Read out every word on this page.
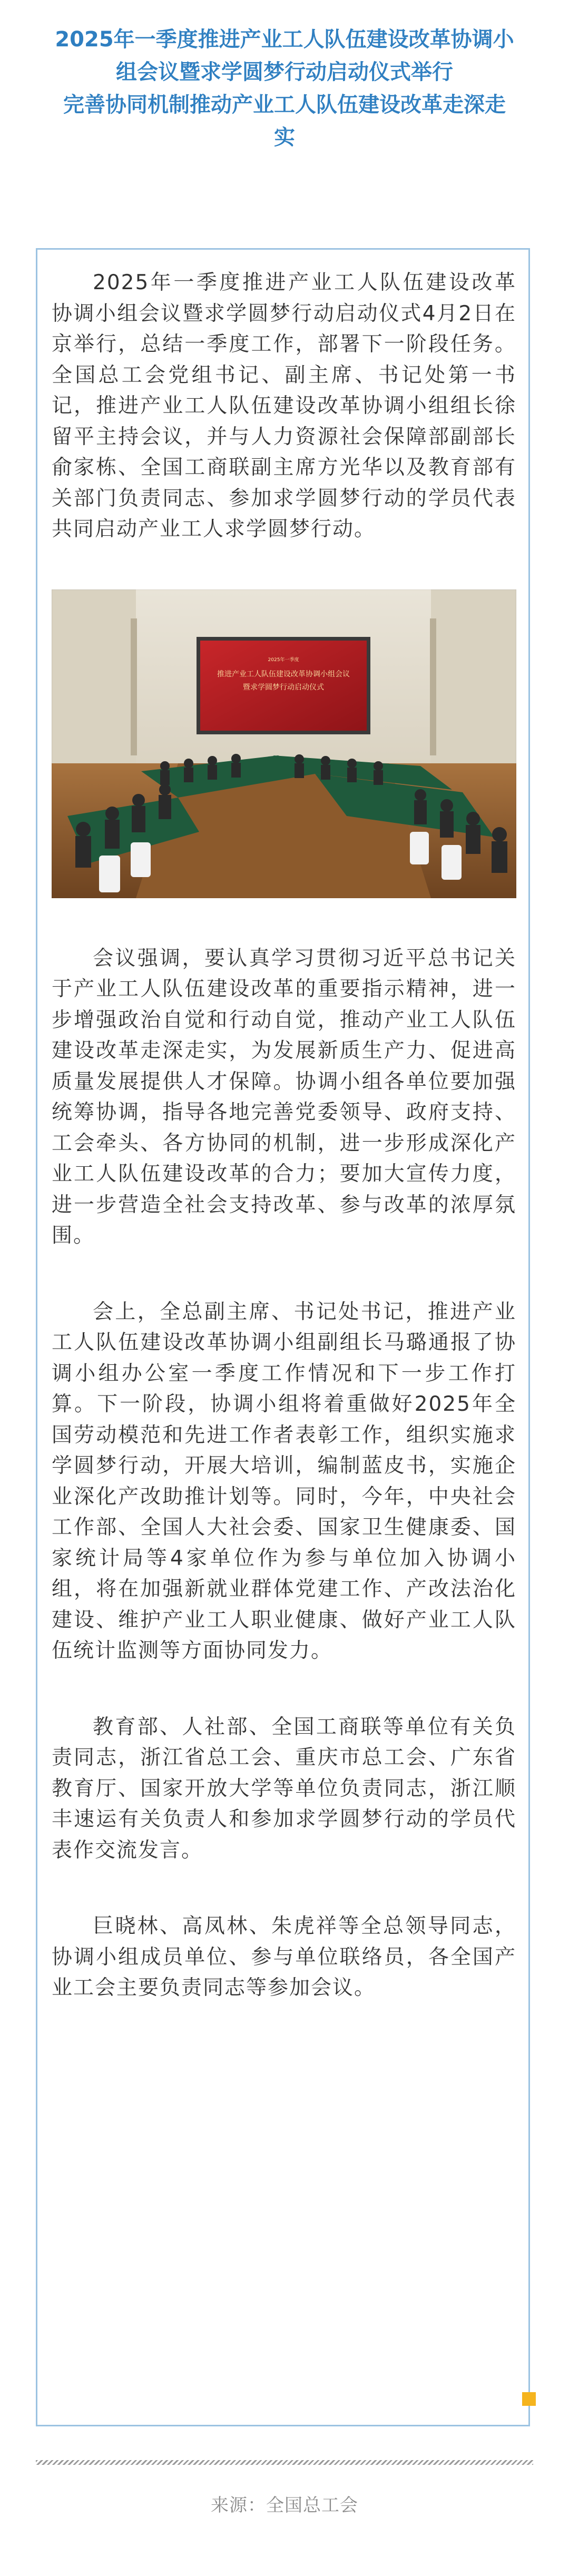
2025年一季度推进产业工人队伍建设改革协调小
组会议暨求学圆梦行动启动仪式举行
完善协同机制推动产业工人队伍建设改革走深走
实

2025年一季度推进产业工人队伍建设改革协调小组会议暨求学圆梦行动启动仪式4月2日在京举行，总结一季度工作，部署下一阶段任务。全国总工会党组书记、副主席、书记处第一书记，推进产业工人队伍建设改革协调小组组长徐留平主持会议，并与人力资源社会保障部副部长俞家栋、全国工商联副主席方光华以及教育部有关部门负责同志、参加求学圆梦行动的学员代表共同启动产业工人求学圆梦行动。

2025年一季度
推进产业工人队伍建设改革协调小组会议
暨求学圆梦行动启动仪式

会议强调，要认真学习贯彻习近平总书记关于产业工人队伍建设改革的重要指示精神，进一步增强政治自觉和行动自觉，推动产业工人队伍建设改革走深走实，为发展新质生产力、促进高质量发展提供人才保障。协调小组各单位要加强统筹协调，指导各地完善党委领导、政府支持、工会牵头、各方协同的机制，进一步形成深化产业工人队伍建设改革的合力；要加大宣传力度，进一步营造全社会支持改革、参与改革的浓厚氛围。

会上，全总副主席、书记处书记，推进产业工人队伍建设改革协调小组副组长马璐通报了协调小组办公室一季度工作情况和下一步工作打算。下一阶段，协调小组将着重做好2025年全国劳动模范和先进工作者表彰工作，组织实施求学圆梦行动，开展大培训，编制蓝皮书，实施企业深化产改助推计划等。同时，今年，中央社会工作部、全国人大社会委、国家卫生健康委、国家统计局等4家单位作为参与单位加入协调小组，将在加强新就业群体党建工作、产改法治化建设、维护产业工人职业健康、做好产业工人队伍统计监测等方面协同发力。

教育部、人社部、全国工商联等单位有关负责同志，浙江省总工会、重庆市总工会、广东省教育厅、国家开放大学等单位负责同志，浙江顺丰速运有关负责人和参加求学圆梦行动的学员代表作交流发言。

巨晓林、高凤林、朱虎祥等全总领导同志，协调小组成员单位、参与单位联络员，各全国产业工会主要负责同志等参加会议。

来源：全国总工会
